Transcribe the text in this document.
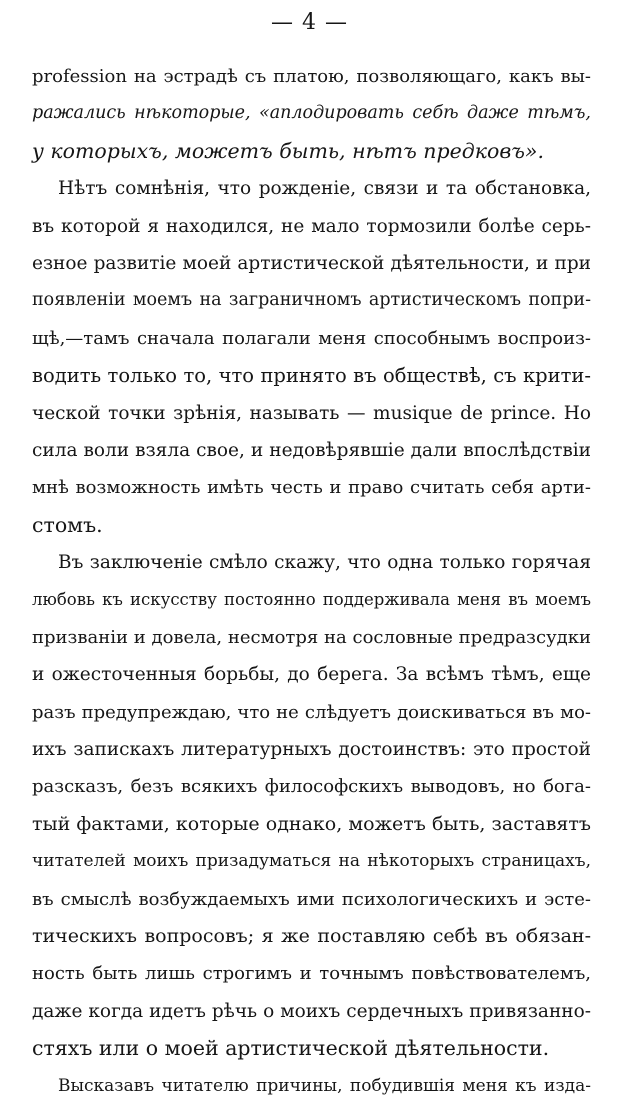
— 4 —
profession на эстрадѣ съ платою, позволяющаго, какъ вы-
ражались нѣкоторые, «аплодировать себѣ даже тѣмъ,
у которыхъ, можетъ быть, нѣтъ предковъ».
Нѣтъ сомнѣнія, что рожденіе, связи и та обстановка,
въ которой я находился, не мало тормозили болѣе серь-
езное развитіе моей артистической дѣятельности, и при
появленіи моемъ на заграничномъ артистическомъ попри-
щѣ,—тамъ сначала полагали меня способнымъ воспроиз-
водить только то, что принято въ обществѣ, съ крити-
ческой точки зрѣнія, называть — musique de prince. Но
сила воли взяла свое, и недовѣрявшіе дали впослѣдствіи
мнѣ возможность имѣть честь и право считать себя арти-
стомъ.
Въ заключеніе смѣло скажу, что одна только горячая
любовь къ искусству постоянно поддерживала меня въ моемъ
призваніи и довела, несмотря на сословные предразсудки
и ожесточенныя борьбы, до берега. За всѣмъ тѣмъ, еще
разъ предупреждаю, что не слѣдуетъ доискиваться въ мо-
ихъ запискахъ литературныхъ достоинствъ: это простой
разсказъ, безъ всякихъ философскихъ выводовъ, но бога-
тый фактами, которые однако, можетъ быть, заставятъ
читателей моихъ призадуматься на нѣкоторыхъ страницахъ,
въ смыслѣ возбуждаемыхъ ими психологическихъ и эсте-
тическихъ вопросовъ; я же поставляю себѣ въ обязан-
ность быть лишь строгимъ и точнымъ повѣствователемъ,
даже когда идетъ рѣчь о моихъ сердечныхъ привязанно-
стяхъ или о моей артистической дѣятельности.
Высказавъ читателю причины, побудившія меня къ изда-
